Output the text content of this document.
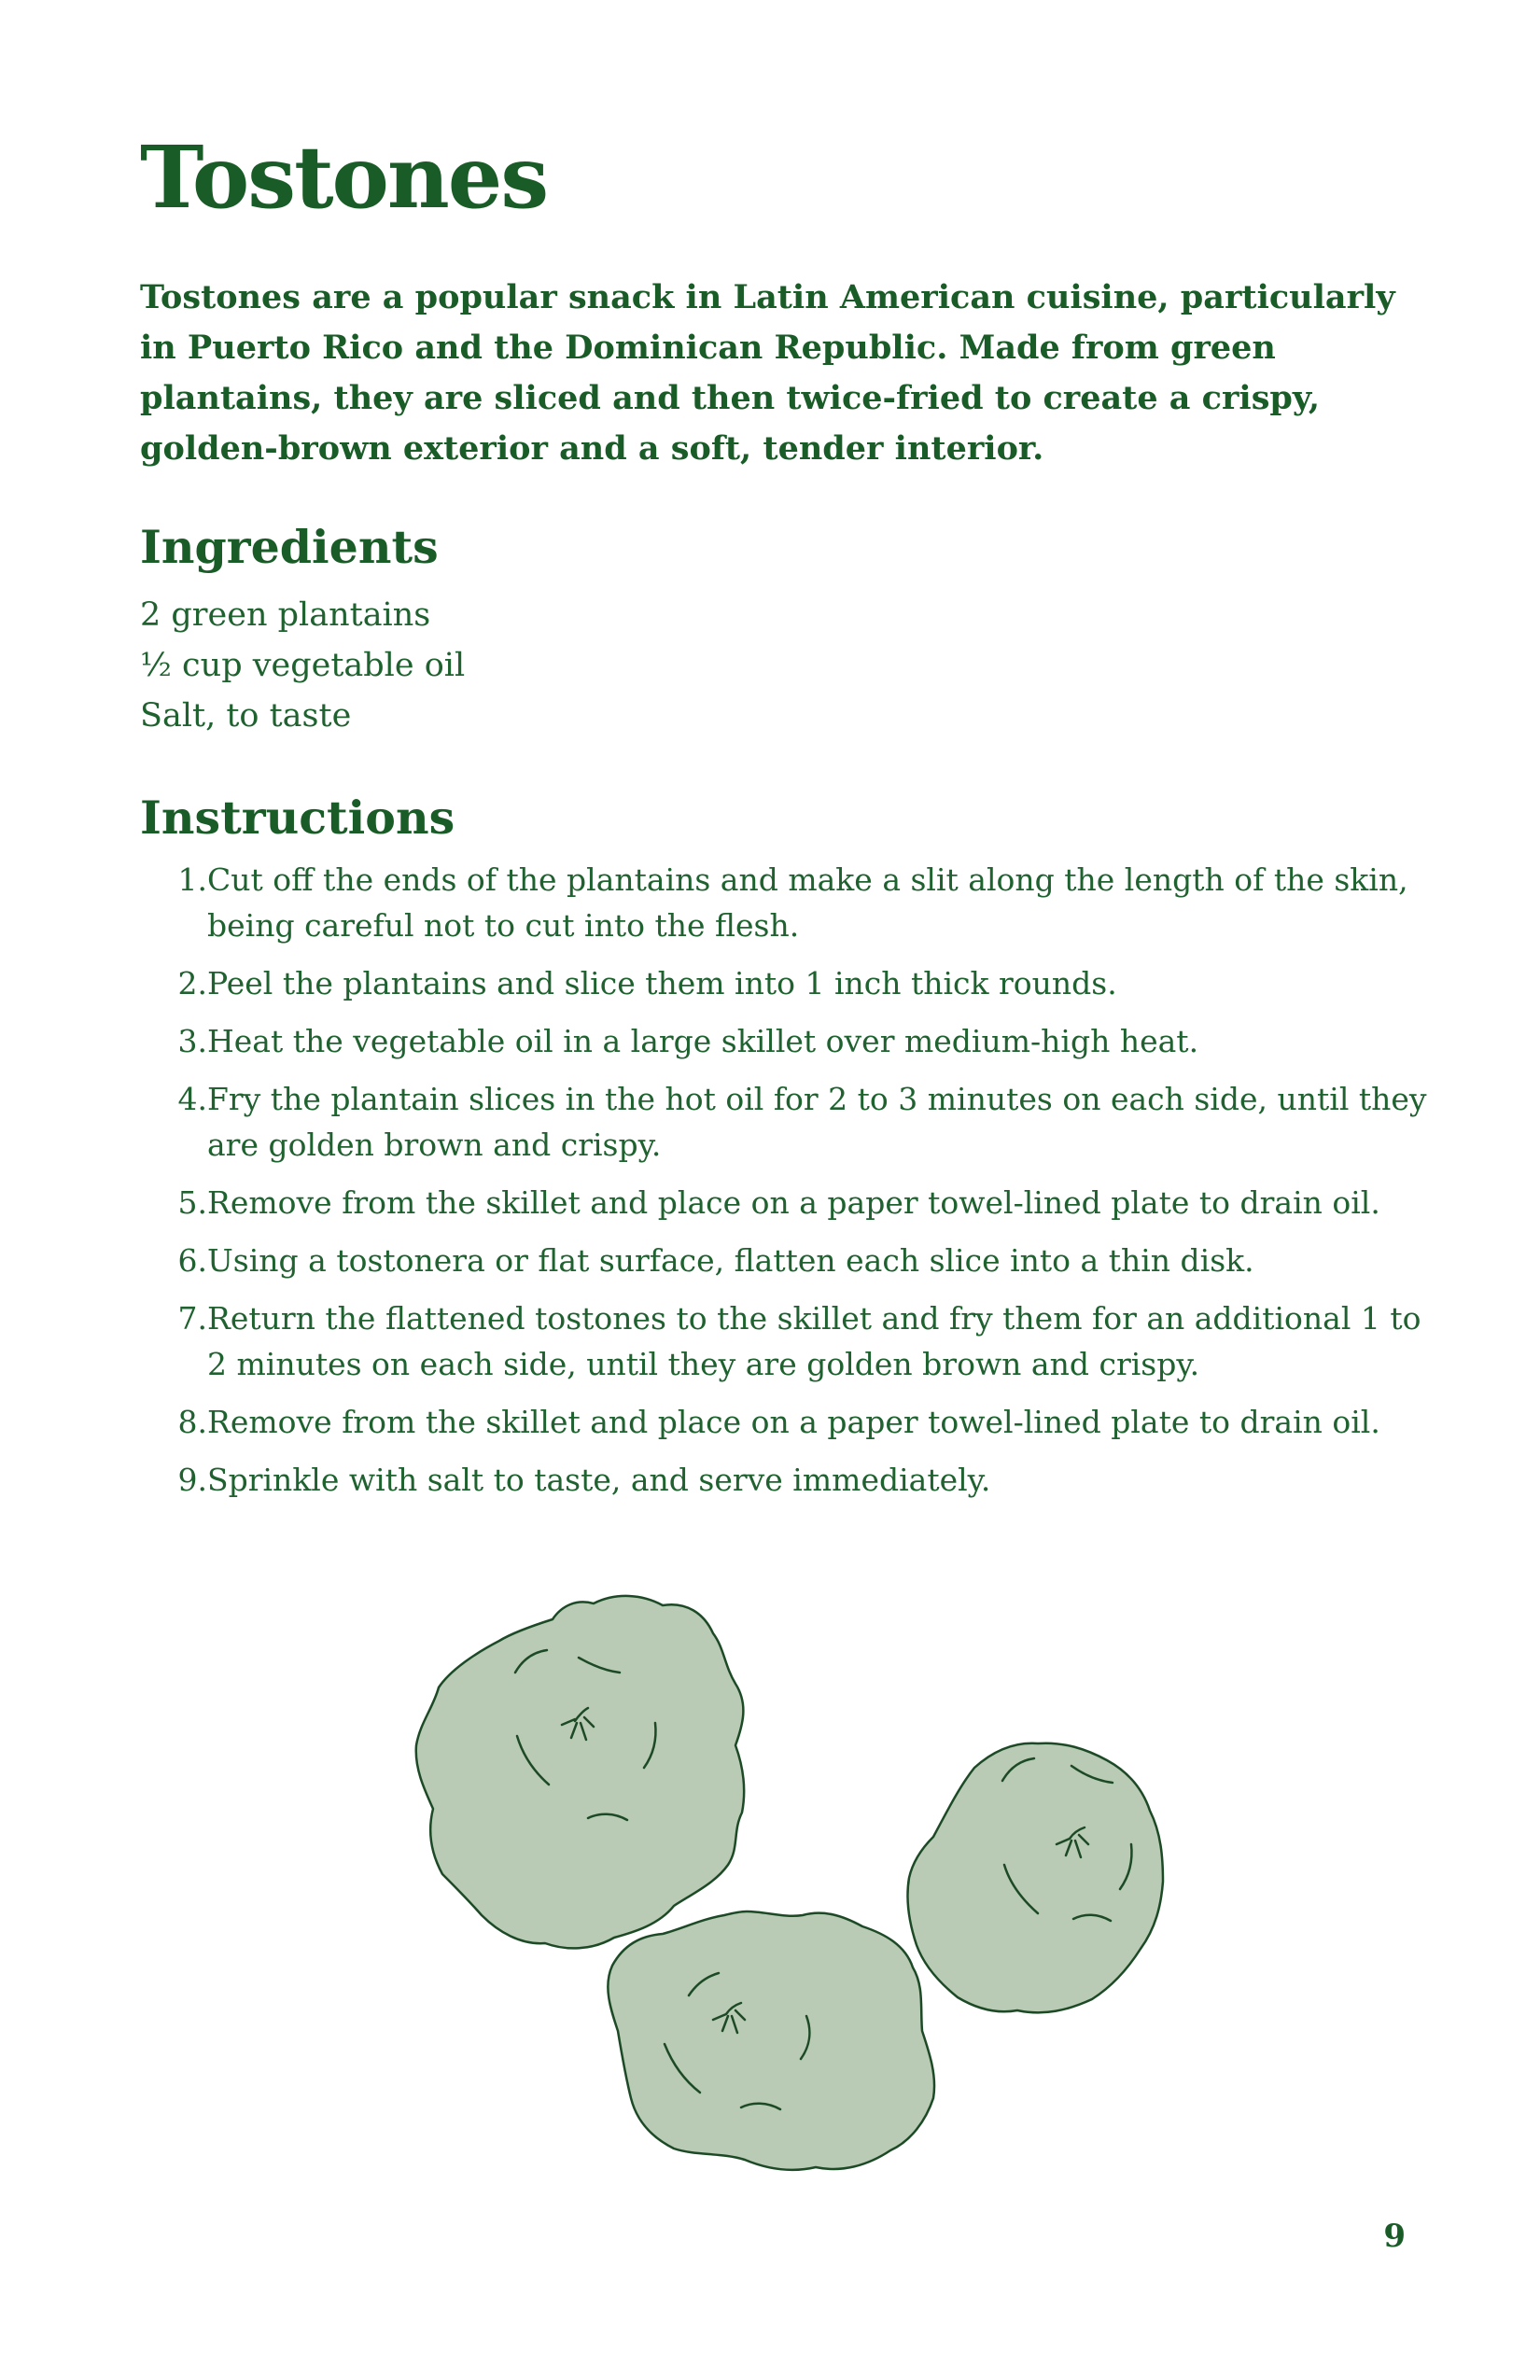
Tostones

Tostones are a popular snack in Latin American cuisine, particularly in Puerto Rico and the Dominican Republic. Made from green plantains, they are sliced and then twice-fried to create a crispy, golden-brown exterior and a soft, tender interior.

Ingredients
2 green plantains
½ cup vegetable oil
Salt, to taste
Instructions
1. Cut off the ends of the plantains and make a slit along the length of the skin, being careful not to cut into the flesh.
2. Peel the plantains and slice them into 1 inch thick rounds.
3. Heat the vegetable oil in a large skillet over medium-high heat.
4. Fry the plantain slices in the hot oil for 2 to 3 minutes on each side, until they are golden brown and crispy.
5. Remove from the skillet and place on a paper towel-lined plate to drain oil.
6. Using a tostonera or flat surface, flatten each slice into a thin disk.
7. Return the flattened tostones to the skillet and fry them for an additional 1 to 2 minutes on each side, until they are golden brown and crispy.
8. Remove from the skillet and place on a paper towel-lined plate to drain oil.
9. Sprinkle with salt to taste, and serve immediately.
9
